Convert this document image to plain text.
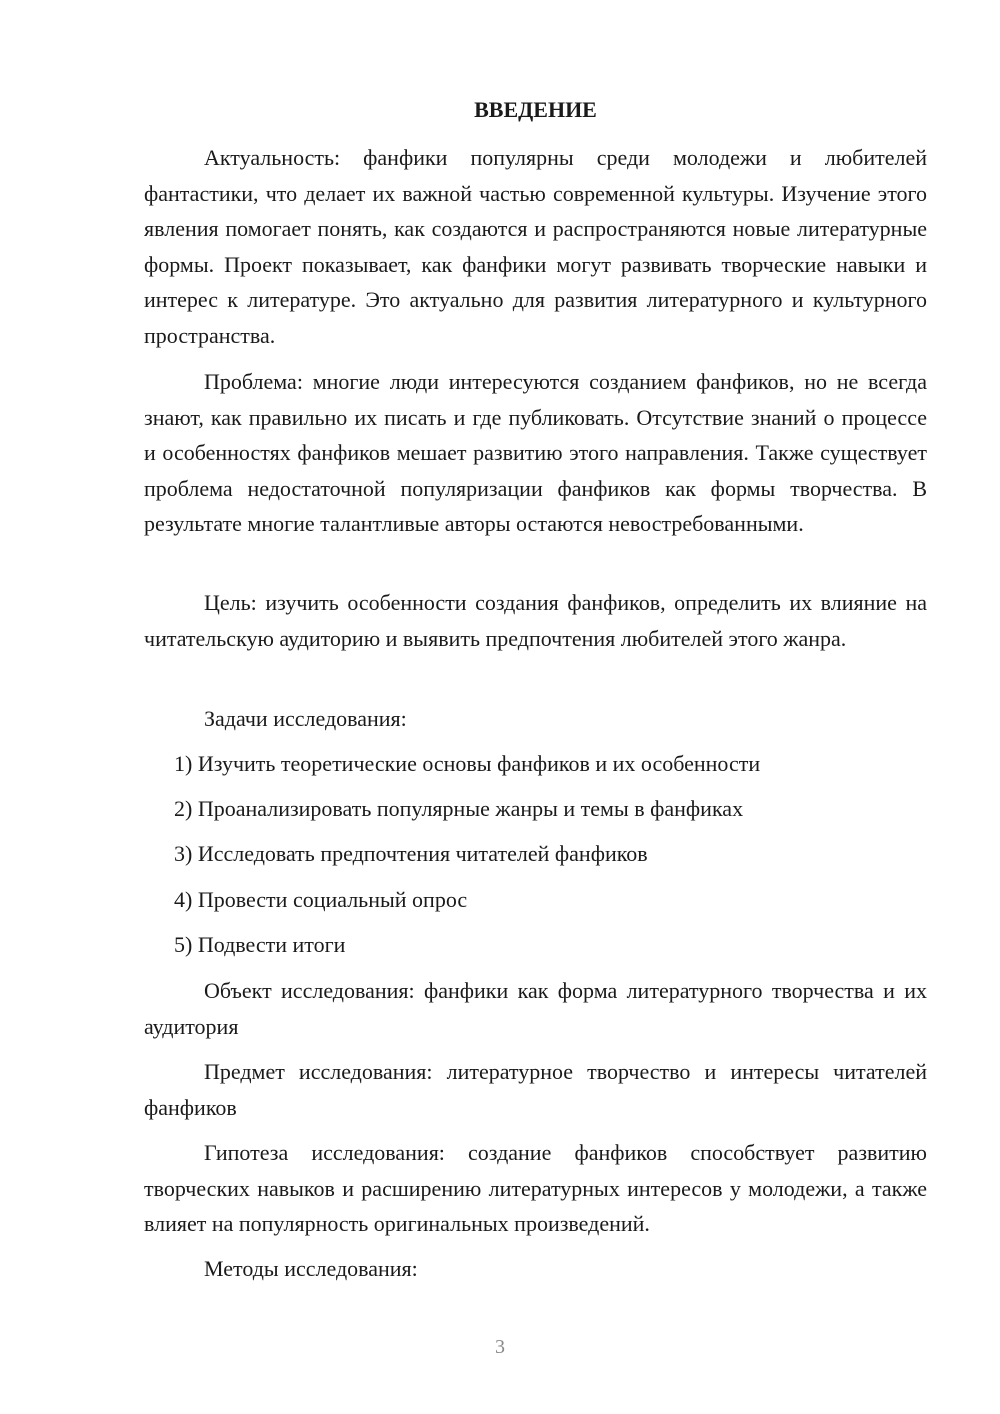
ВВЕДЕНИЕ

Актуальность: фанфики популярны среди молодежи и любителей фантастики, что делает их важной частью современной культуры. Изучение этого явления помогает понять, как создаются и распространяются новые литературные формы. Проект показывает, как фанфики могут развивать творческие навыки и интерес к литературе. Это актуально для развития литературного и культурного пространства.

Проблема: многие люди интересуются созданием фанфиков, но не всегда знают, как правильно их писать и где публиковать. Отсутствие знаний о процессе и особенностях фанфиков мешает развитию этого направления. Также существует проблема недостаточной популяризации фанфиков как формы творчества. В результате многие талантливые авторы остаются невостребованными.

Цель: изучить особенности создания фанфиков, определить их влияние на читательскую аудиторию и выявить предпочтения любителей этого жанра.

Задачи исследования:

1) Изучить теоретические основы фанфиков и их особенности
2) Проанализировать популярные жанры и темы в фанфиках
3) Исследовать предпочтения читателей фанфиков
4) Провести социальный опрос
5) Подвести итоги

Объект исследования: фанфики как форма литературного творчества и их аудитория

Предмет исследования: литературное творчество и интересы читателей фанфиков

Гипотеза исследования: создание фанфиков способствует развитию творческих навыков и расширению литературных интересов у молодежи, а также влияет на популярность оригинальных произведений.

Методы исследования:

3
